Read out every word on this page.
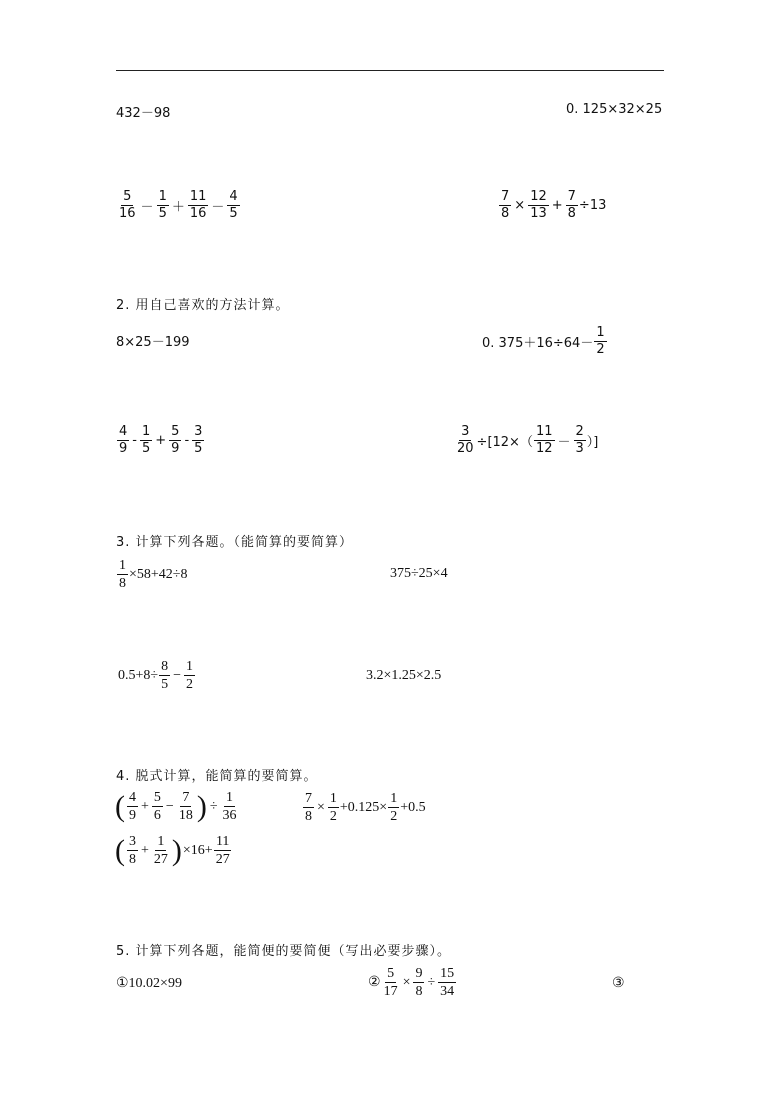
432－98	0. 125×32×25
$\frac{5}{16} - \frac{1}{5} + \frac{11}{16} - \frac{4}{5}$	$\frac{7}{8} \times \frac{12}{13} + \frac{7}{8} \div 13$
2. 用自己喜欢的方法计算。
8×25－199	0. $375+16\div 64- \frac{1}{2}$
$\frac{4}{9} - \frac{1}{5} + \frac{5}{9} - \frac{3}{5}$	$\frac{3}{20} \div[12\times( \frac{11}{12} - \frac{2}{3}$ ）]
3. 计算下列各题。（能简算的要简算）
$\frac{1}{8} \times 58+42\div 8$	375÷25×4
$0.5+8\div \frac{8}{5} - \frac{1}{2}$	3.2×1.25×2.5
4. 脱式计算，能简算的要简算。
( $\frac{4}{9} + \frac{5}{6} - \frac{7}{18}$ ) ÷ $\frac{1}{36}$	$\frac{7}{8} \times \frac{1}{2} +0.125\times \frac{1}{2} +0.5$
( $\frac{3}{8} + \frac{1}{27}$ ) $\times 16+ \frac{11}{27}$
5. 计算下列各题，能简便的要简便（写出必要步骤）。
①10.02×99	② $\frac{5}{17} \times \frac{9}{8} \div \frac{15}{34}$	③
